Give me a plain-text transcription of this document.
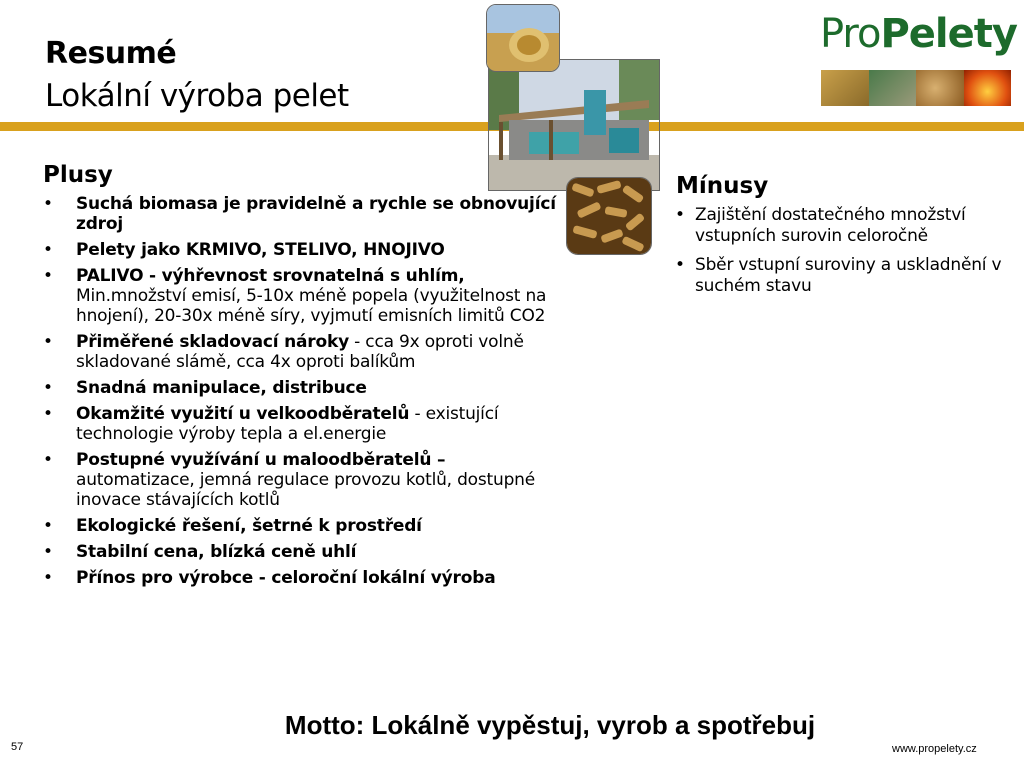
Resumé
Lokální výroba pelet
ProPelety
Plusy
• Suchá biomasa je pravidelně a rychle se obnovující zdroj
• Pelety jako KRMIVO, STELIVO, HNOJIVO
• PALIVO - výhřevnost srovnatelná s uhlím, Min.množství emisí, 5-10x méně popela (využitelnost na hnojení), 20-30x méně síry, vyjmutí emisních limitů CO2
• Přiměřené skladovací nároky - cca 9x oproti volně skladované slámě, cca 4x oproti balíkům
• Snadná manipulace, distribuce
• Okamžité využití u velkoodběratelů - existující technologie výroby tepla a el.energie
• Postupné využívání u maloodběratelů – automatizace, jemná regulace provozu kotlů, dostupné inovace stávajících kotlů
• Ekologické řešení, šetrné k prostředí
• Stabilní cena, blízká ceně uhlí
• Přínos pro výrobce - celoroční lokální výroba
Mínusy
• Zajištění dostatečného množství vstupních surovin celoročně
• Sběr vstupní suroviny a uskladnění v suchém stavu
Motto: Lokálně vypěstuj, vyrob a spotřebuj
57	www.propelety.cz
